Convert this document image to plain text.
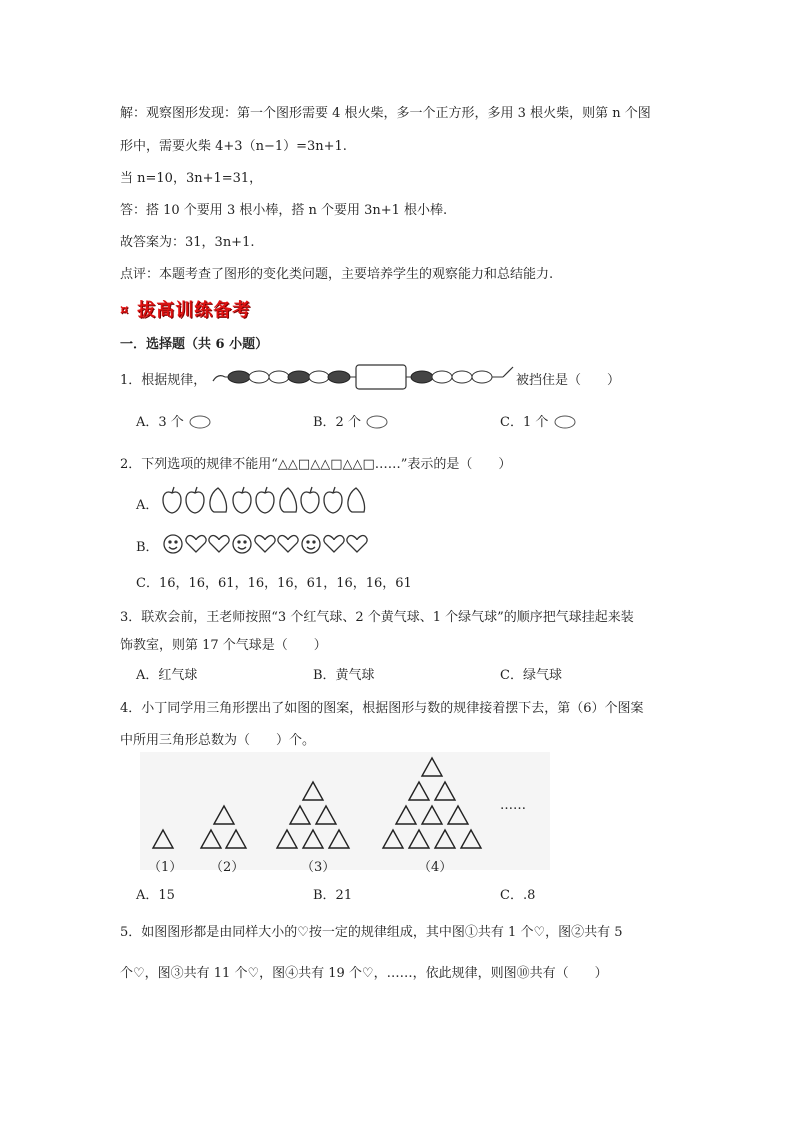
解：观察图形发现：第一个图形需要 4 根火柴，多一个正方形，多用 3 根火柴，则第 n 个图
形中，需要火柴 4+3（n−1）=3n+1.
当 n=10，3n+1=31，
答：搭 10 个要用 3 根小棒，搭 n 个要用 3n+1 根小棒.
故答案为：31，3n+1.
点评：本题考查了图形的变化类问题，主要培养学生的观察能力和总结能力.
¤ 拔高训练备考
一．选择题（共 6 小题）
1．根据规律，	被挡住是（　　）
A．3 个	B．2 个	C．1 个
2．下列选项的规律不能用“△△□△△□△△□……”表示的是（　　）
A．
B．
C．16，16，61，16，16，61，16，16，61
3．联欢会前，王老师按照“3 个红气球、2 个黄气球、1 个绿气球”的顺序把气球挂起来装
饰教室，则第 17 个气球是（　　）
A．红气球	B．黄气球	C．绿气球
4．小丁同学用三角形摆出了如图的图案，根据图形与数的规律接着摆下去，第（6）个图案
中所用三角形总数为（　　）个。
（1） （2）	（3）	（4）
……
A．15	B．21	C．.8
5．如图图形都是由同样大小的♡按一定的规律组成，其中图①共有 1 个♡，图②共有 5
个♡，图③共有 11 个♡，图④共有 19 个♡，……，依此规律，则图⑩共有（　　）
